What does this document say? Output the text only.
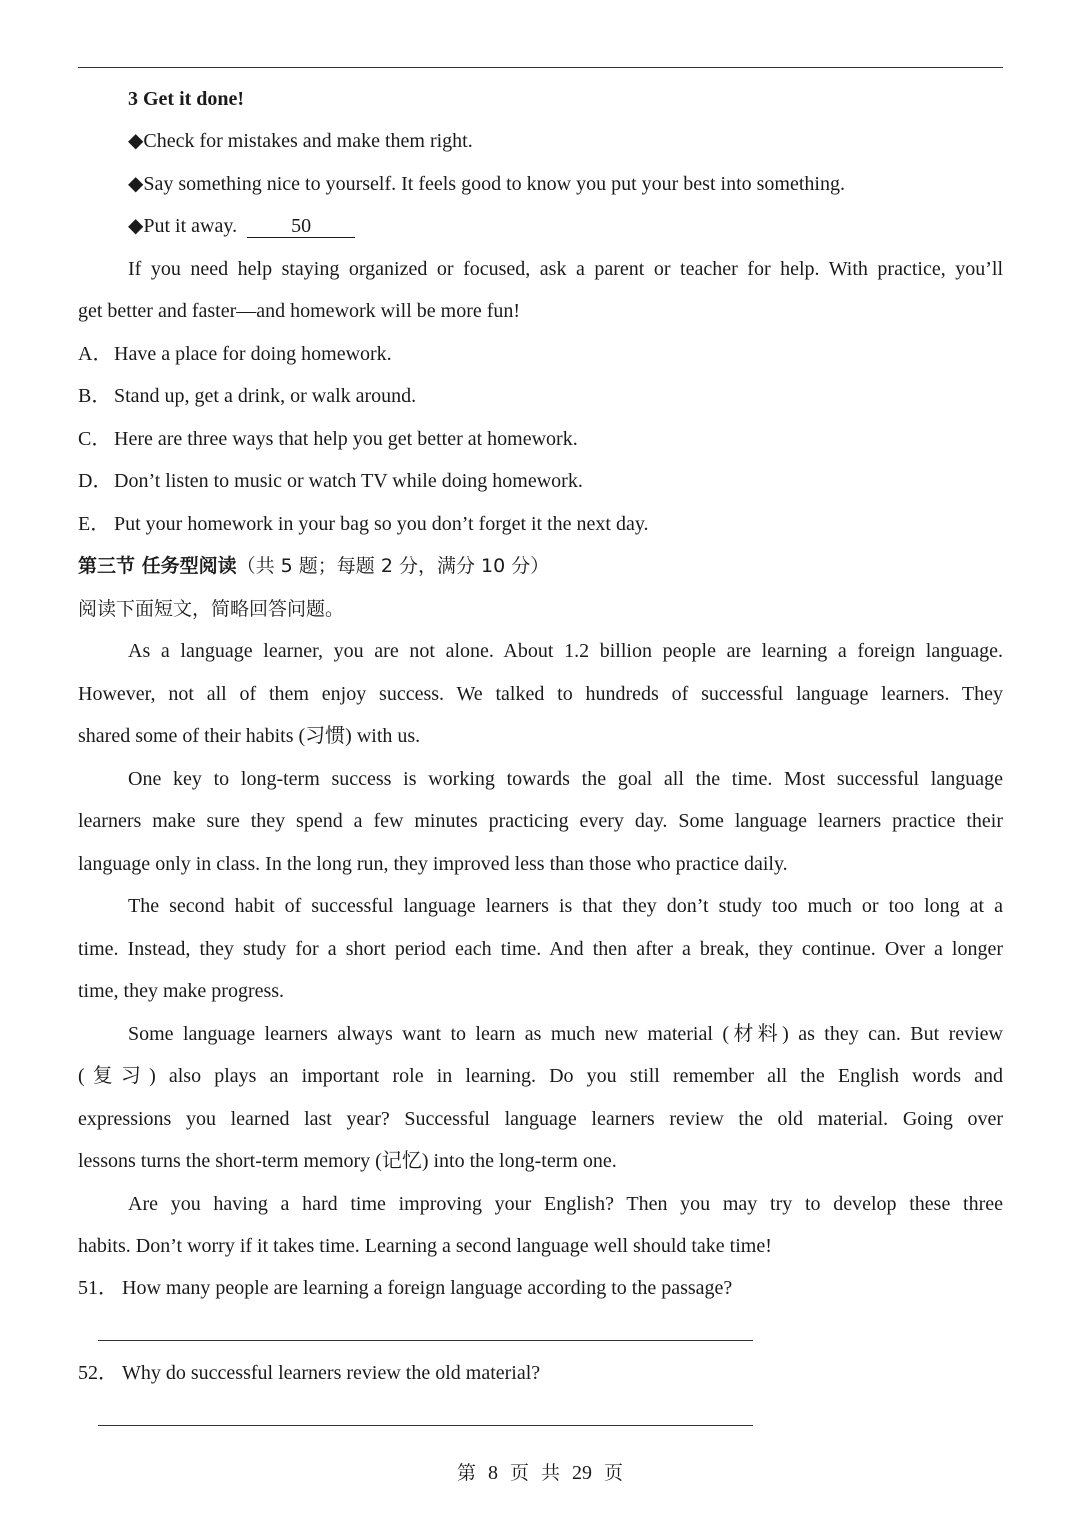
3 Get it done!
◆Check for mistakes and make them right.
◆Say something nice to yourself. It feels good to know you put your best into something.
◆Put it away.	50
If you need help staying organized or focused, ask a parent or teacher for help. With practice, you’ll
get better and faster—and homework will be more fun!
A．Have a place for doing homework.
B． Stand up, get a drink, or walk around.
C． Here are three ways that help you get better at homework.
D．Don’t listen to music or watch TV while doing homework.
E． Put your homework in your bag so you don’t forget it the next day.
第三节 任务型阅读（共 5 题；每题 2 分，满分 10 分）
阅读下面短文，简略回答问题。
As a language learner, you are not alone. About 1.2 billion people are learning a foreign language.
However, not all of them enjoy success. We talked to hundreds of successful language learners. They
shared some of their habits (习惯) with us.
One key to long-term success is working towards the goal all the time. Most successful language
learners make sure they spend a few minutes practicing every day. Some language learners practice their
language only in class. In the long run, they improved less than those who practice daily.
The second habit of successful language learners is that they don’t study too much or too long at a
time. Instead, they study for a short period each time. And then after a break, they continue. Over a longer
time, they make progress.
Some language learners always want to learn as much new material (材料) as they can. But review
(复习) also plays an important role in learning. Do you still remember all the English words and
expressions you learned last year? Successful language learners review the old material. Going over
lessons turns the short-term memory (记忆) into the long-term one.
Are you having a hard time improving your English? Then you may try to develop these three
habits. Don’t worry if it takes time. Learning a second language well should take time!
51． How many people are learning a foreign language according to the passage?
52． Why do successful learners review the old material?
第 8 页 共 29 页
